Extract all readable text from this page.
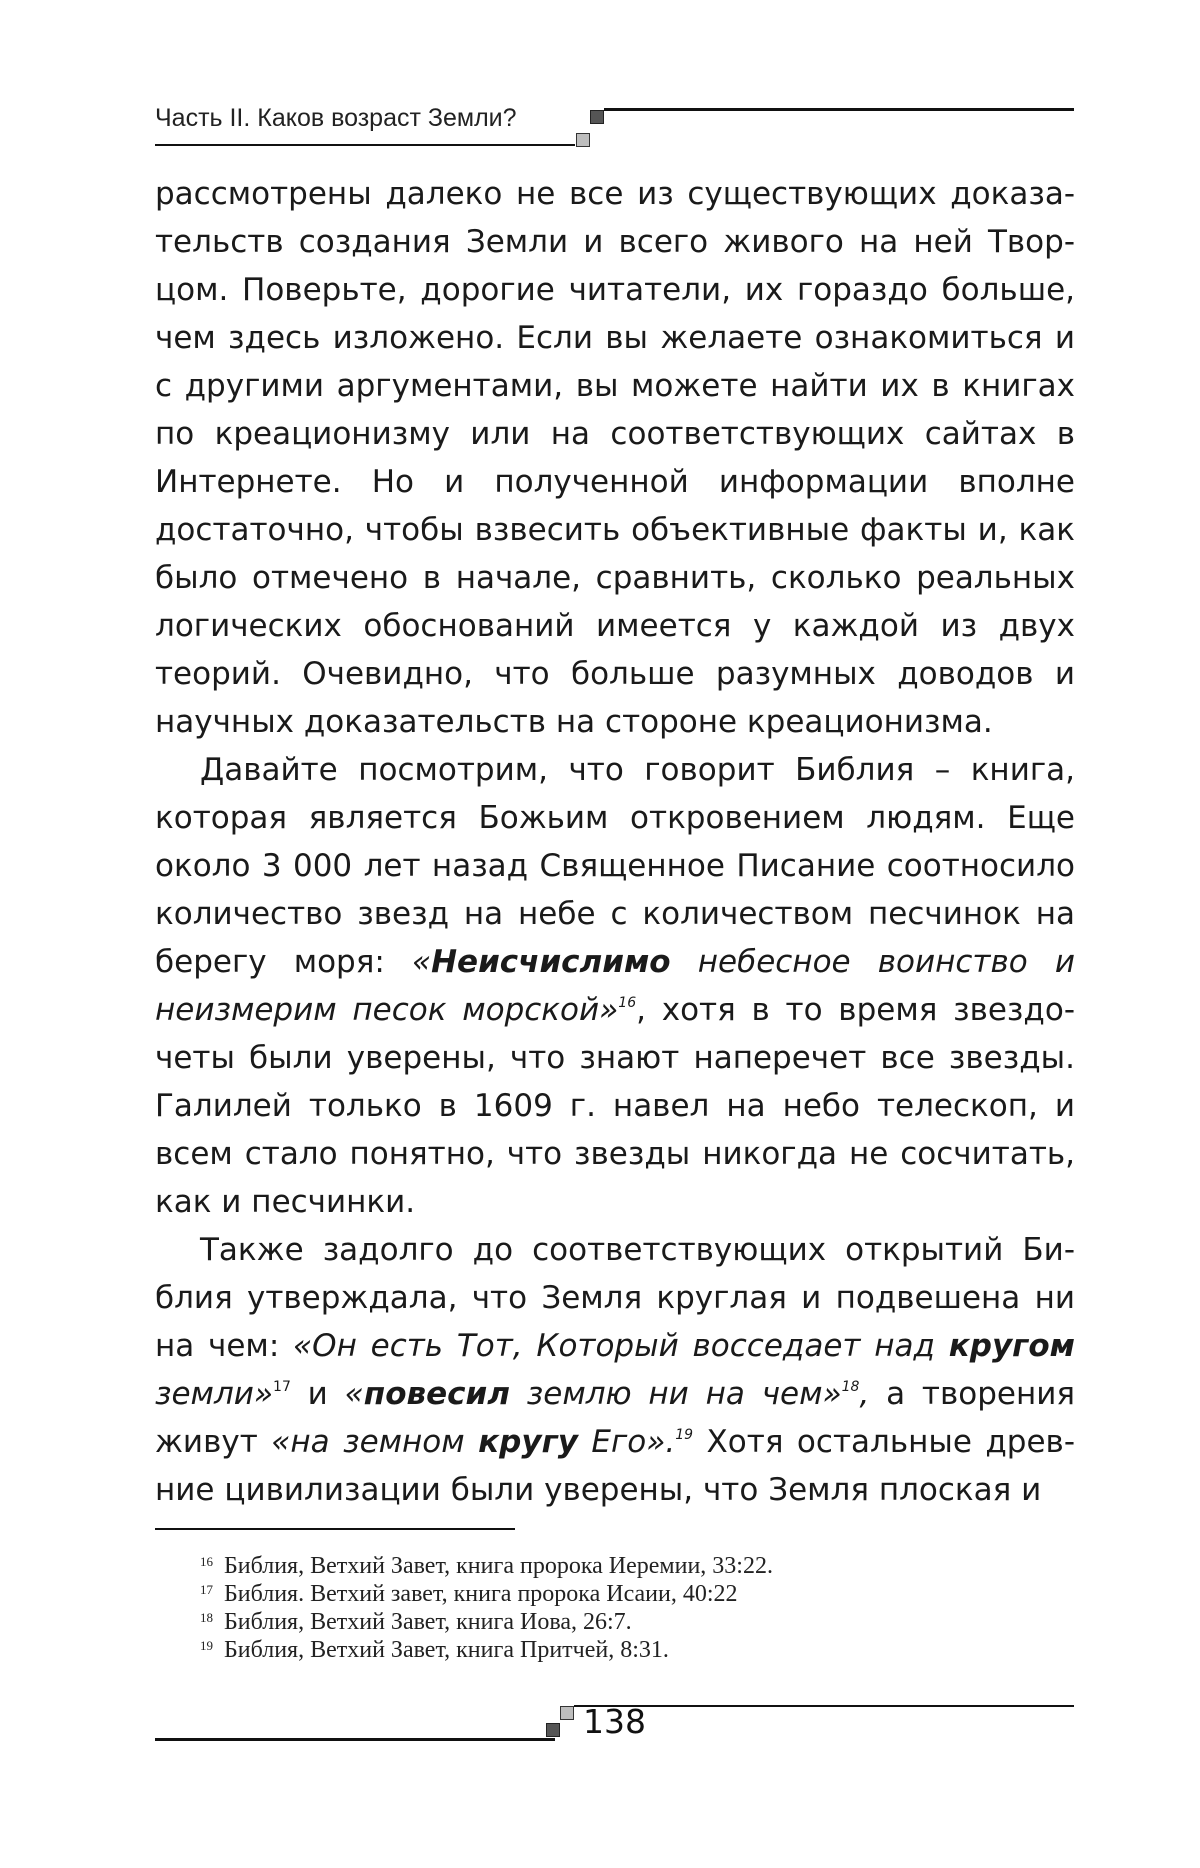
Часть II. Каков возраст Земли?

рассмотрены далеко не все из существующих доказательств создания Земли и всего живого на ней Творцом. Поверьте, дорогие читатели, их гораздо больше, чем здесь изложено. Если вы желаете ознакомиться и с другими аргументами, вы можете найти их в книгах по креационизму или на соответствующих сайтах в Интернете. Но и полученной информации вполне достаточно, чтобы взвесить объективные факты и, как было отмечено в начале, сравнить, сколько реальных логических обоснований имеется у каждой из двух теорий. Очевидно, что больше разумных доводов и научных доказательств на стороне креационизма.

Давайте посмотрим, что говорит Библия – книга, которая является Божьим откровением людям. Еще около 3 000 лет назад Священное Писание соотносило количество звезд на небе с количеством песчинок на берегу моря: «Неисчислимо небесное воинство и неизмерим песок морской»$^{16}$, хотя в то время звездочеты были уверены, что знают наперечет все звезды. Галилей только в 1609 г. навел на небо телескоп, и всем стало понятно, что звезды никогда не сосчитать, как и песчинки.

Также задолго до соответствующих открытий Библия утверждала, что Земля круглая и подвешена ни на чем: «Он есть Тот, Который восседает над кругом земли»$^{17}$ и «повесил землю ни на чем»$^{18}$, а творения живут «на земном кругу Его».$^{19}$ Хотя остальные древние цивилизации были уверены, что Земля плоская и

16 Библия, Ветхий Завет, книга пророка Иеремии, 33:22.
17 Библия. Ветхий завет, книга пророка Исаии, 40:22
18 Библия, Ветхий Завет, книга Иова, 26:7.
19 Библия, Ветхий Завет, книга Притчей, 8:31.
138
